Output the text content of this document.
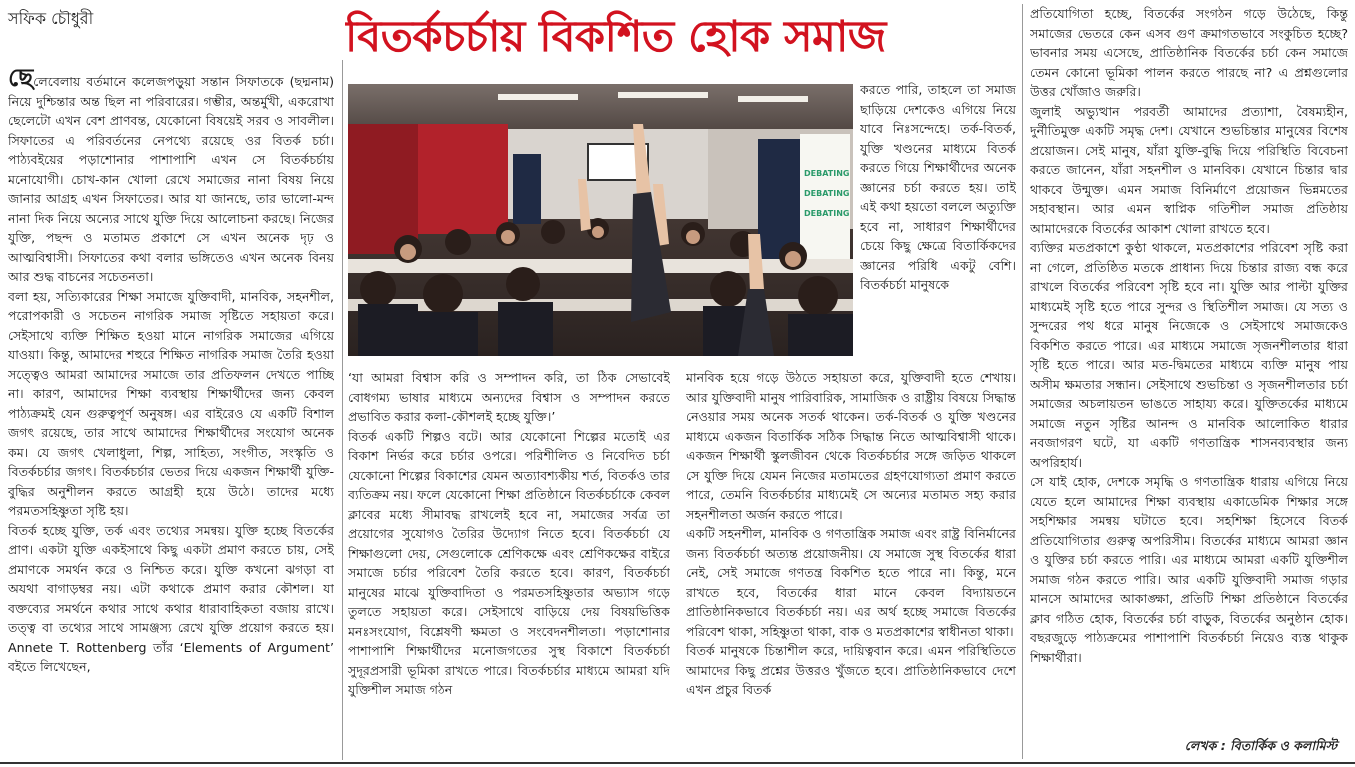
সফিক চৌধুরী	বিতর্কচর্চায় বিকশিত হোক সমাজ

ছেলেবেলায় বর্তমানে কলেজপড়ুয়া সন্তান সিফাতকে (ছদ্মনাম) নিয়ে দুশ্চিন্তার অন্ত ছিল না পরিবারের। গম্ভীর, অন্তর্মুখী, একরোখা ছেলেটো এখন বেশ প্রাণবন্ত, যেকোনো বিষয়েই সরব ও সাবলীল। সিফাতের এ পরিবর্তনের নেপথ্যে রয়েছে ওর বিতর্ক চর্চা। পাঠ্যবইয়ের পড়াশোনার পাশাপাশি এখন সে বিতর্কচর্চায় মনোযোগী। চোখ-কান খোলা রেখে সমাজের নানা বিষয় নিয়ে জানার আগ্রহ এখন সিফাতের। আর যা জানছে, তার ভালো-মন্দ নানা দিক নিয়ে অন্যের সাথে যুক্তি দিয়ে আলোচনা করছে। নিজের যুক্তি, পছন্দ ও মতামত প্রকাশে সে এখন অনেক দৃঢ় ও আত্মবিশ্বাসী। সিফাতের কথা বলার ভঙ্গিতেও এখন অনেক বিনয় আর শুদ্ধ বাচনের সচেতনতা।

বলা হয়, সত্যিকারের শিক্ষা সমাজে যুক্তিবাদী, মানবিক, সহনশীল, পরোপকারী ও সচেতন নাগরিক সমাজ সৃষ্টিতে সহায়তা করে। সেইসাথে ব্যক্তি শিক্ষিত হওয়া মানে নাগরিক সমাজের এগিয়ে যাওয়া। কিন্তু, আমাদের শহুরে শিক্ষিত নাগরিক সমাজ তৈরি হওয়া সত্ত্বেও আমরা আমাদের সমাজে তার প্রতিফলন দেখতে পাচ্ছি না। কারণ, আমাদের শিক্ষা ব্যবস্থায় শিক্ষার্থীদের জন্য কেবল পাঠ্যক্রমই যেন গুরুত্বপূর্ণ অনুষঙ্গ। এর বাইরেও যে একটি বিশাল জগৎ রয়েছে, তার সাথে আমাদের শিক্ষার্থীদের সংযোগ অনেক কম। যে জগৎ খেলাধুলা, শিল্প, সাহিত্য, সংগীত, সংস্কৃতি ও বিতর্কচর্চার জগৎ। বিতর্কচর্চার ভেতর দিয়ে একজন শিক্ষার্থী যুক্তি-বুদ্ধির অনুশীলন করতে আগ্রহী হয়ে উঠে। তাদের মধ্যে পরমতসহিষ্ণুতা সৃষ্টি হয়।

বিতর্ক হচ্ছে যুক্তি, তর্ক এবং তথ্যের সমন্বয়। যুক্তি হচ্ছে বিতর্কের প্রাণ। একটা যুক্তি একইসাথে কিছু একটা প্রমাণ করতে চায়, সেই প্রমাণকে সমর্থন করে ও নিশ্চিত করে। যুক্তি কখনো ঝগড়া বা অযথা বাগাড়ম্বর নয়। এটা কথাকে প্রমাণ করার কৌশল। যা বক্তব্যের সমর্থনে কথার সাথে কথার ধারাবাহিকতা বজায় রাখে। তত্ত্ব বা তথ্যের সাথে সামঞ্জস্য রেখে যুক্তি প্রয়োগ করতে হয়। Annete T. Rottenberg তাঁর ‘Elements of Argument’ বইতে লিখেছেন,

DEBATING
DEBATING
DEBATING

করতে পারি, তাহলে তা সমাজ ছাড়িয়ে দেশকেও এগিয়ে নিয়ে যাবে নিঃসন্দেহে। তর্ক-বিতর্ক, যুক্তি খণ্ডনের মাধ্যমে বিতর্ক করতে গিয়ে শিক্ষার্থীদের অনেক জ্ঞানের চর্চা করতে হয়। তাই এই কথা হয়তো বললে অত্যুক্তি হবে না, সাধারণ শিক্ষার্থীদের চেয়ে কিছু ক্ষেত্রে বিতার্কিকদের জ্ঞানের পরিধি একটু বেশি। বিতর্কচর্চা মানুষকে

‘যা আমরা বিশ্বাস করি ও সম্পাদন করি, তা ঠিক সেভাবেই বোধগম্য ভাষার মাধ্যমে অন্যদের বিশ্বাস ও সম্পাদন করতে প্রভাবিত করার কলা-কৌশলই হচ্ছে যুক্তি।’

বিতর্ক একটি শিল্পও বটে। আর যেকোনো শিল্পের মতোই এর বিকাশ নির্ভর করে চর্চার ওপরে। পরিশীলিত ও নিবেদিত চর্চা যেকোনো শিল্পের বিকাশের যেমন অত্যাবশ্যকীয় শর্ত, বিতর্কও তার ব্যতিক্রম নয়। ফলে যেকোনো শিক্ষা প্রতিষ্ঠানে বিতর্কচর্চাকে কেবল ক্লাবের মধ্যে সীমাবদ্ধ রাখলেই হবে না, সমাজের সর্বত্র তা প্রয়োগের সুযোগও তৈরির উদ্যোগ নিতে হবে। বিতর্কচর্চা যে শিক্ষাগুলো দেয়, সেগুলোকে শ্রেণিকক্ষে এবং শ্রেণিকক্ষের বাইরে সমাজে চর্চার পরিবেশ তৈরি করতে হবে। কারণ, বিতর্কচর্চা মানুষের মাঝে যুক্তিবাদিতা ও পরমতসহিষ্ণুতার অভ্যাস গড়ে তুলতে সহায়তা করে। সেইসাথে বাড়িয়ে দেয় বিষয়ভিত্তিক মনঃসংযোগ, বিশ্লেষণী ক্ষমতা ও সংবেদনশীলতা। পড়াশোনার পাশাপাশি শিক্ষার্থীদের মনোজগতের সুস্থ বিকাশে বিতর্কচর্চা সুদূরপ্রসারী ভূমিকা রাখতে পারে। বিতর্কচর্চার মাধ্যমে আমরা যদি যুক্তিশীল সমাজ গঠন

মানবিক হয়ে গড়ে উঠতে সহায়তা করে, যুক্তিবাদী হতে শেখায়। আর যুক্তিবাদী মানুষ পারিবারিক, সামাজিক ও রাষ্ট্রীয় বিষয়ে সিদ্ধান্ত নেওয়ার সময় অনেক সতর্ক থাকেন। তর্ক-বিতর্ক ও যুক্তি খণ্ডনের মাধ্যমে একজন বিতার্কিক সঠিক সিদ্ধান্ত নিতে আত্মবিশ্বাসী থাকে। একজন শিক্ষার্থী স্কুলজীবন থেকে বিতর্কচর্চার সঙ্গে জড়িত থাকলে সে যুক্তি দিয়ে যেমন নিজের মতামতের গ্রহণযোগ্যতা প্রমাণ করতে পারে, তেমনি বিতর্কচর্চার মাধ্যমেই সে অন্যের মতামত সহ্য করার সহনশীলতা অর্জন করতে পারে।

একটি সহনশীল, মানবিক ও গণতান্ত্রিক সমাজ এবং রাষ্ট্র বিনির্মানের জন্য বিতর্কচর্চা অত্যন্ত প্রয়োজনীয়। যে সমাজে সুস্থ বিতর্কের ধারা নেই, সেই সমাজে গণতন্ত্র বিকশিত হতে পারে না। কিন্তু, মনে রাখতে হবে, বিতর্কের ধারা মানে কেবল বিদ্যায়তনে প্রাতিষ্ঠানিকভাবে বিতর্কচর্চা নয়। এর অর্থ হচ্ছে সমাজে বিতর্কের পরিবেশ থাকা, সহিষ্ণুতা থাকা, বাক ও মতপ্রকাশের স্বাধীনতা থাকা।

বিতর্ক মানুষকে চিন্তাশীল করে, দায়িত্ববান করে। এমন পরিস্থিতিতে আমাদের কিছু প্রশ্নের উত্তরও খুঁজতে হবে। প্রাতিষ্ঠানিকভাবে দেশে এখন প্রচুর বিতর্ক

প্রতিযোগিতা হচ্ছে, বিতর্কের সংগঠন গড়ে উঠেছে, কিন্তু সমাজের ভেতরে কেন এসব গুণ ক্রমাগতভাবে সংকুচিত হচ্ছে? ভাবনার সময় এসেছে, প্রাতিষ্ঠানিক বিতর্কের চর্চা কেন সমাজে তেমন কোনো ভূমিকা পালন করতে পারছে না? এ প্রশ্নগুলোর উত্তর খোঁজাও জরুরি।

জুলাই অভ্যুত্থান পরবর্তী আমাদের প্রত্যাশা, বৈষম্যহীন, দুর্নীতিমুক্ত একটি সমৃদ্ধ দেশ। যেখানে শুভচিন্তার মানুষের বিশেষ প্রয়োজন। সেই মানুষ, যাঁরা যুক্তি-বুদ্ধি দিয়ে পরিস্থিতি বিবেচনা করতে জানেন, যাঁরা সহনশীল ও মানবিক। যেখানে চিন্তার দ্বার থাকবে উন্মুক্ত। এমন সমাজ বিনির্মাণে প্রয়োজন ভিন্নমতের সহাবস্থান। আর এমন স্বাপ্নিক গতিশীল সমাজ প্রতিষ্ঠায় আমাদেরকে বিতর্কের আকাশ খোলা রাখতে হবে।

ব্যক্তির মতপ্রকাশে কুণ্ঠা থাকলে, মতপ্রকাশের পরিবেশ সৃষ্টি করা না গেলে, প্রতিষ্ঠিত মতকে প্রাধান্য দিয়ে চিন্তার রাজ্য বন্ধ করে রাখলে বিতর্কের পরিবেশ সৃষ্টি হবে না। যুক্তি আর পাল্টা যুক্তির মাধ্যমেই সৃষ্টি হতে পারে সুন্দর ও স্থিতিশীল সমাজ। যে সত্য ও সুন্দরের পথ ধরে মানুষ নিজেকে ও সেইসাথে সমাজকেও বিকশিত করতে পারে। এর মাধ্যমে সমাজে সৃজনশীলতার ধারা সৃষ্টি হতে পারে। আর মত-দ্বিমতের মাধ্যমে ব্যক্তি মানুষ পায় অসীম ক্ষমতার সন্ধান। সেইসাথে শুভচিন্তা ও সৃজনশীলতার চর্চা সমাজের অচলায়তন ভাঙতে সাহায্য করে। যুক্তিতর্কের মাধ্যমে সমাজে নতুন সৃষ্টির আনন্দ ও মানবিক আলোকিত ধারার নবজাগরণ ঘটে, যা একটি গণতান্ত্রিক শাসনব্যবস্থার জন্য অপরিহার্য।

সে যাই হোক, দেশকে সমৃদ্ধি ও গণতান্ত্রিক ধারায় এগিয়ে নিয়ে যেতে হলে আমাদের শিক্ষা ব্যবস্থায় একাডেমিক শিক্ষার সঙ্গে সহশিক্ষার সমন্বয় ঘটাতে হবে। সহশিক্ষা হিসেবে বিতর্ক প্রতিযোগিতার গুরুত্ব অপরিসীম। বিতর্কের মাধ্যমে আমরা জ্ঞান ও যুক্তির চর্চা করতে পারি। এর মাধ্যমে আমরা একটি যুক্তিশীল সমাজ গঠন করতে পারি। আর একটি যুক্তিবাদী সমাজ গড়ার মানসে আমাদের আকাঙ্ক্ষা, প্রতিটি শিক্ষা প্রতিষ্ঠানে বিতর্কের ক্লাব গঠিত হোক, বিতর্কের চর্চা বাড়ুক, বিতর্কের অনুষ্ঠান হোক। বছরজুড়ে পাঠ্যক্রমের পাশাপাশি বিতর্কচর্চা নিয়েও ব্যস্ত থাকুক শিক্ষার্থীরা।

লেখক : বিতার্কিক ও কলামিস্ট
